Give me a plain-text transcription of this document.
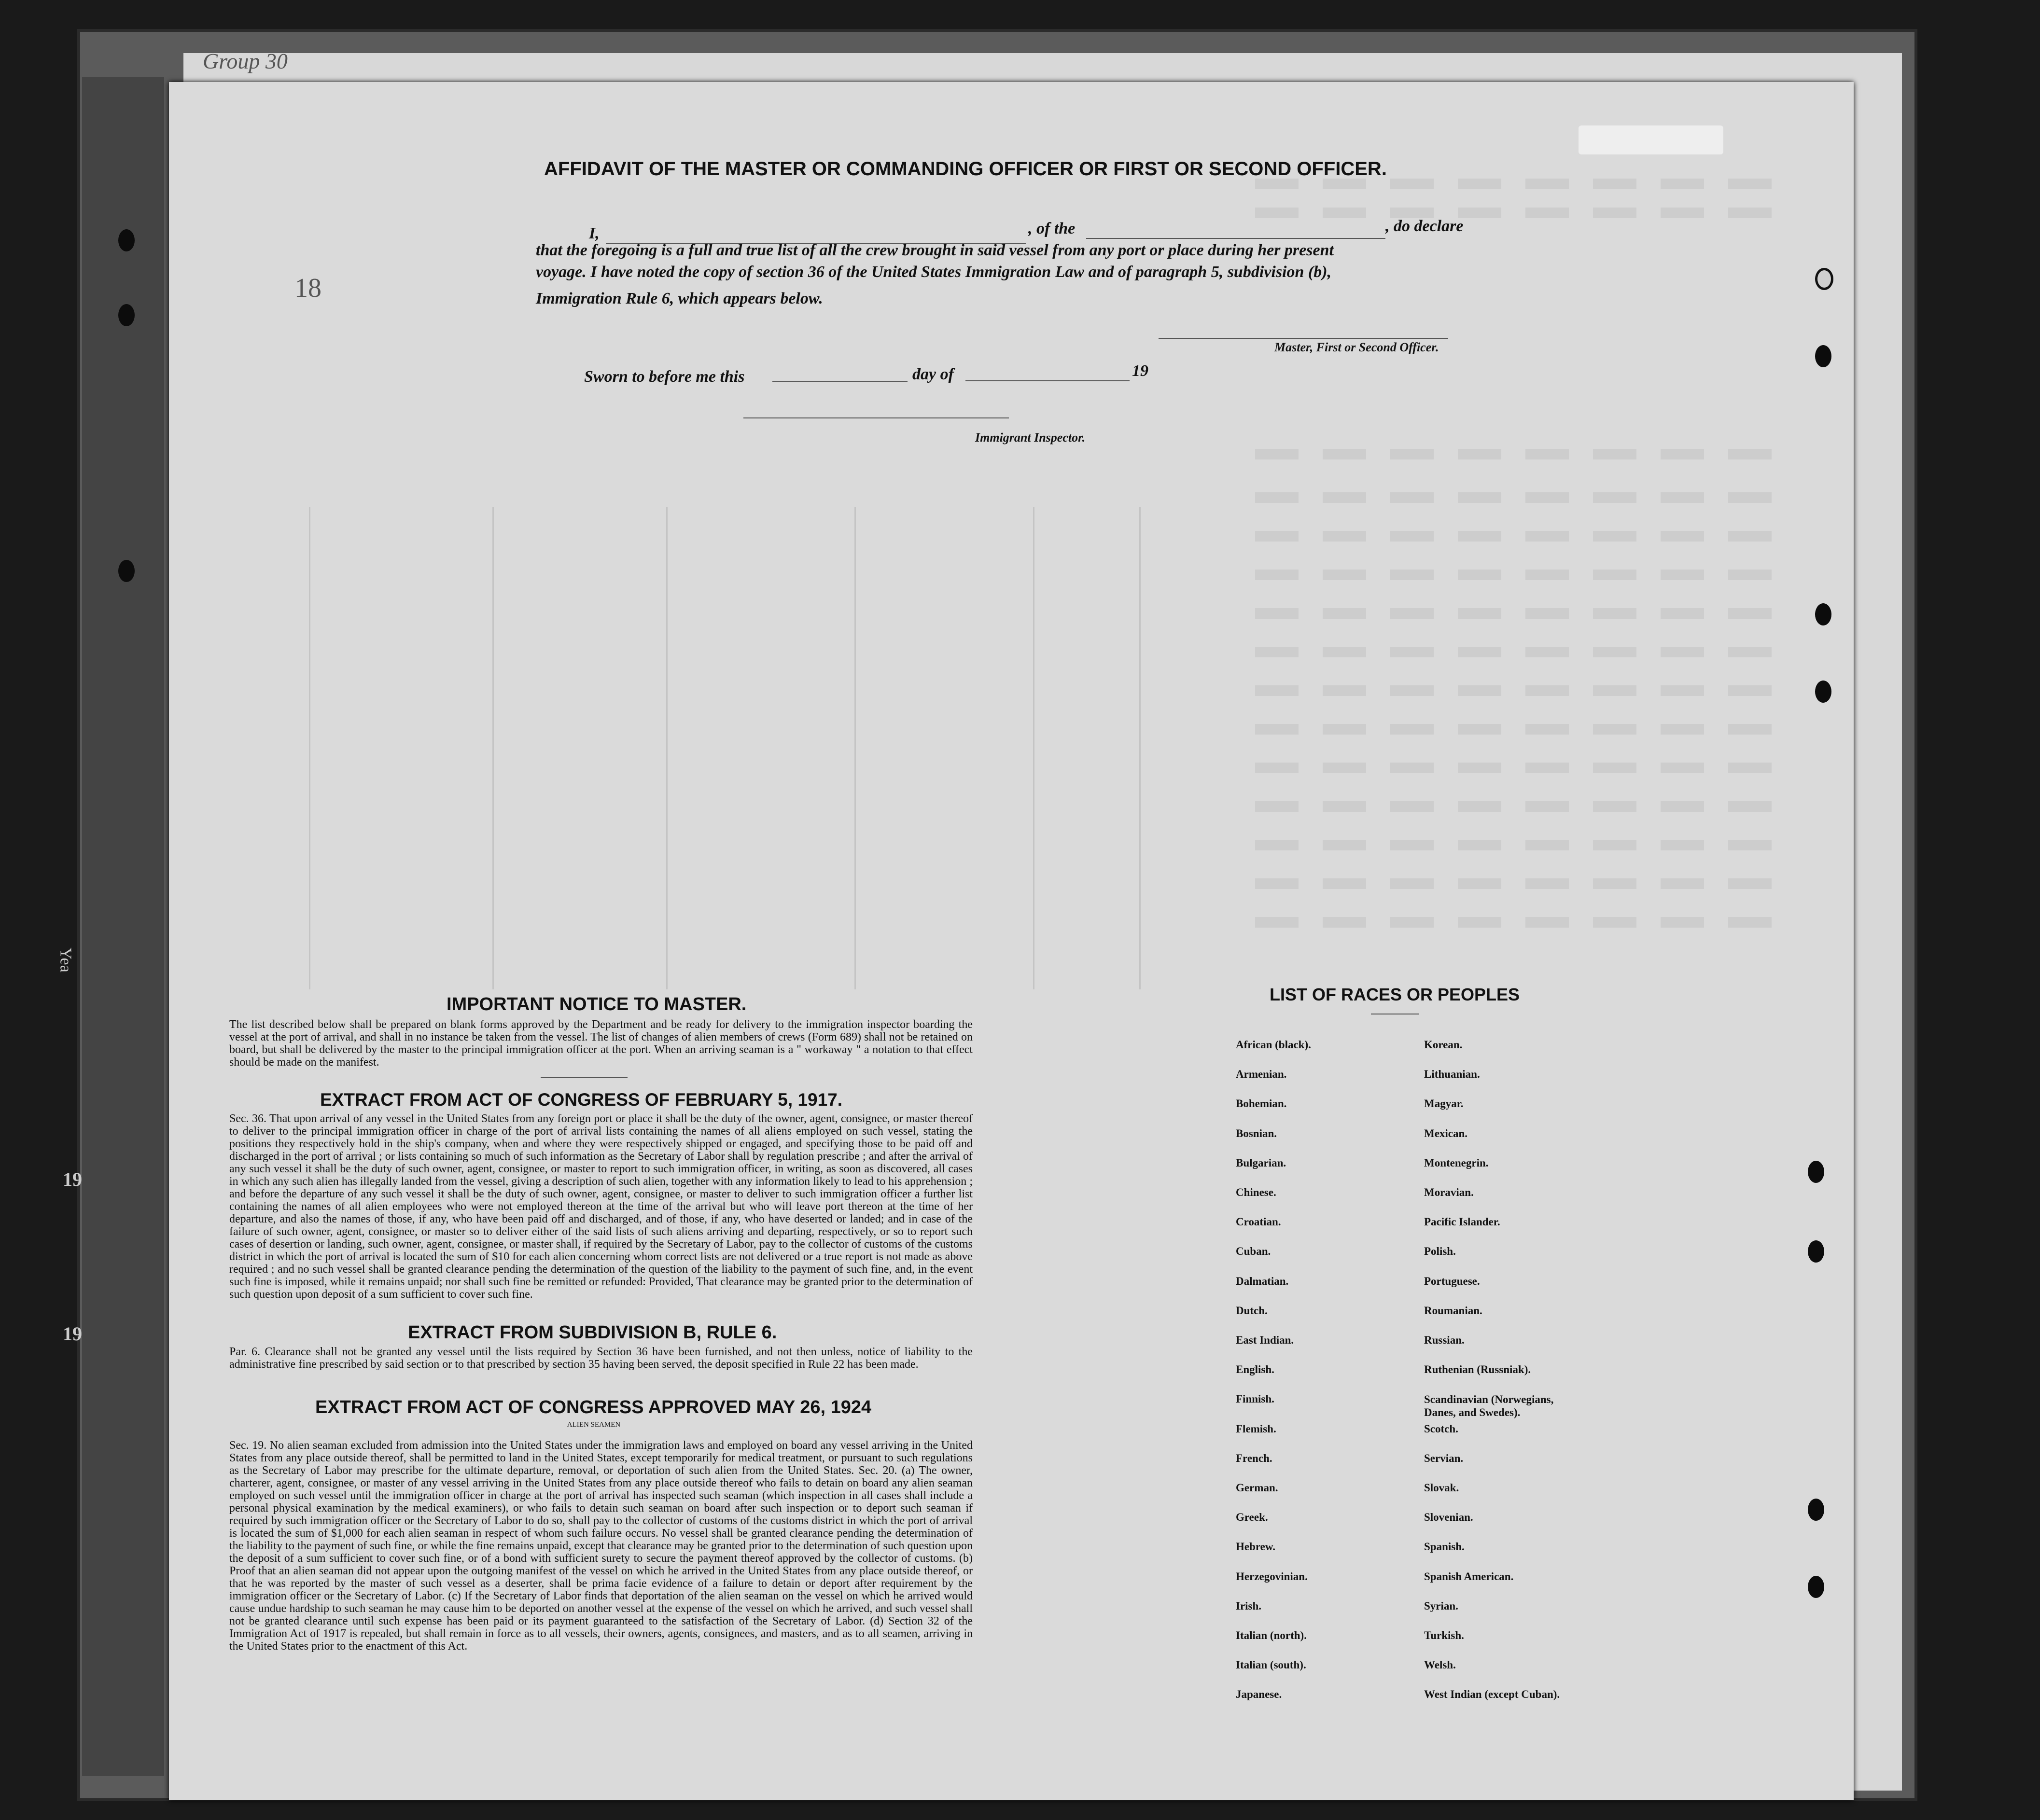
Group 30
18
19
19
Yea
AFFIDAVIT OF THE MASTER OR COMMANDING OFFICER OR FIRST OR SECOND OFFICER.
I,	, of the	, do declare
that the foregoing is a full and true list of all the crew brought in said vessel from any port or place during her present
voyage. I have noted the copy of section 36 of the United States Immigration Law and of paragraph 5, subdivision (b),
Immigration Rule 6, which appears below.
Master, First or Second Officer.
Sworn to before me this	day of	19
Immigrant Inspector.
IMPORTANT NOTICE TO MASTER.
The list described below shall be prepared on blank forms approved by the Department and be ready for delivery to the immigration inspector boarding the vessel at the port of arrival, and shall in no instance be taken from the vessel. The list of changes of alien members of crews (Form 689) shall not be retained on board, but shall be delivered by the master to the principal immigration officer at the port. When an arriving seaman is a " workaway " a notation to that effect should be made on the manifest.
EXTRACT FROM ACT OF CONGRESS OF FEBRUARY 5, 1917.
Sec. 36. That upon arrival of any vessel in the United States from any foreign port or place it shall be the duty of the owner, agent, consignee, or master thereof to deliver to the principal immigration officer in charge of the port of arrival lists containing the names of all aliens employed on such vessel, stating the positions they respectively hold in the ship's company, when and where they were respectively shipped or engaged, and specifying those to be paid off and discharged in the port of arrival ; or lists containing so much of such information as the Secretary of Labor shall by regulation prescribe ; and after the arrival of any such vessel it shall be the duty of such owner, agent, consignee, or master to report to such immigration officer, in writing, as soon as discovered, all cases in which any such alien has illegally landed from the vessel, giving a description of such alien, together with any information likely to lead to his apprehension ; and before the departure of any such vessel it shall be the duty of such owner, agent, consignee, or master to deliver to such immigration officer a further list containing the names of all alien employees who were not employed thereon at the time of the arrival but who will leave port thereon at the time of her departure, and also the names of those, if any, who have been paid off and discharged, and of those, if any, who have deserted or landed; and in case of the failure of such owner, agent, consignee, or master so to deliver either of the said lists of such aliens arriving and departing, respectively, or so to report such cases of desertion or landing, such owner, agent, consignee, or master shall, if required by the Secretary of Labor, pay to the collector of customs of the customs district in which the port of arrival is located the sum of $10 for each alien concerning whom correct lists are not delivered or a true report is not made as above required ; and no such vessel shall be granted clearance pending the determination of the question of the liability to the payment of such fine, and, in the event such fine is imposed, while it remains unpaid; nor shall such fine be remitted or refunded: Provided, That clearance may be granted prior to the determination of such question upon deposit of a sum sufficient to cover such fine.
EXTRACT FROM SUBDIVISION B, RULE 6.
Par. 6. Clearance shall not be granted any vessel until the lists required by Section 36 have been furnished, and not then unless, notice of liability to the administrative fine prescribed by said section or to that prescribed by section 35 having been served, the deposit specified in Rule 22 has been made.
EXTRACT FROM ACT OF CONGRESS APPROVED MAY 26, 1924
ALIEN SEAMEN
Sec. 19. No alien seaman excluded from admission into the United States under the immigration laws and employed on board any vessel arriving in the United States from any place outside thereof, shall be permitted to land in the United States, except temporarily for medical treatment, or pursuant to such regulations as the Secretary of Labor may prescribe for the ultimate departure, removal, or deportation of such alien from the United States. Sec. 20. (a) The owner, charterer, agent, consignee, or master of any vessel arriving in the United States from any place outside thereof who fails to detain on board any alien seaman employed on such vessel until the immigration officer in charge at the port of arrival has inspected such seaman (which inspection in all cases shall include a personal physical examination by the medical examiners), or who fails to detain such seaman on board after such inspection or to deport such seaman if required by such immigration officer or the Secretary of Labor to do so, shall pay to the collector of customs of the customs district in which the port of arrival is located the sum of $1,000 for each alien seaman in respect of whom such failure occurs. No vessel shall be granted clearance pending the determination of the liability to the payment of such fine, or while the fine remains unpaid, except that clearance may be granted prior to the determination of such question upon the deposit of a sum sufficient to cover such fine, or of a bond with sufficient surety to secure the payment thereof approved by the collector of customs. (b) Proof that an alien seaman did not appear upon the outgoing manifest of the vessel on which he arrived in the United States from any place outside thereof, or that he was reported by the master of such vessel as a deserter, shall be prima facie evidence of a failure to detain or deport after requirement by the immigration officer or the Secretary of Labor. (c) If the Secretary of Labor finds that deportation of the alien seaman on the vessel on which he arrived would cause undue hardship to such seaman he may cause him to be deported on another vessel at the expense of the vessel on which he arrived, and such vessel shall not be granted clearance until such expense has been paid or its payment guaranteed to the satisfaction of the Secretary of Labor. (d) Section 32 of the Immigration Act of 1917 is repealed, but shall remain in force as to all vessels, their owners, agents, consignees, and masters, and as to all seamen, arriving in the United States prior to the enactment of this Act.
LIST OF RACES OR PEOPLES
African (black).
Armenian.
Bohemian.
Bosnian.
Bulgarian.
Chinese.
Croatian.
Cuban.
Dalmatian.
Dutch.
East Indian.
English.
Finnish.
Flemish.
French.
German.
Greek.
Hebrew.
Herzegovinian.
Irish.
Italian (north).
Italian (south).
Japanese.
Korean.
Lithuanian.
Magyar.
Mexican.
Montenegrin.
Moravian.
Pacific Islander.
Polish.
Portuguese.
Roumanian.
Russian.
Ruthenian (Russniak).
Scandinavian (Norwegians, Danes, and Swedes).
Scotch.
Servian.
Slovak.
Slovenian.
Spanish.
Spanish American.
Syrian.
Turkish.
Welsh.
West Indian (except Cuban).
